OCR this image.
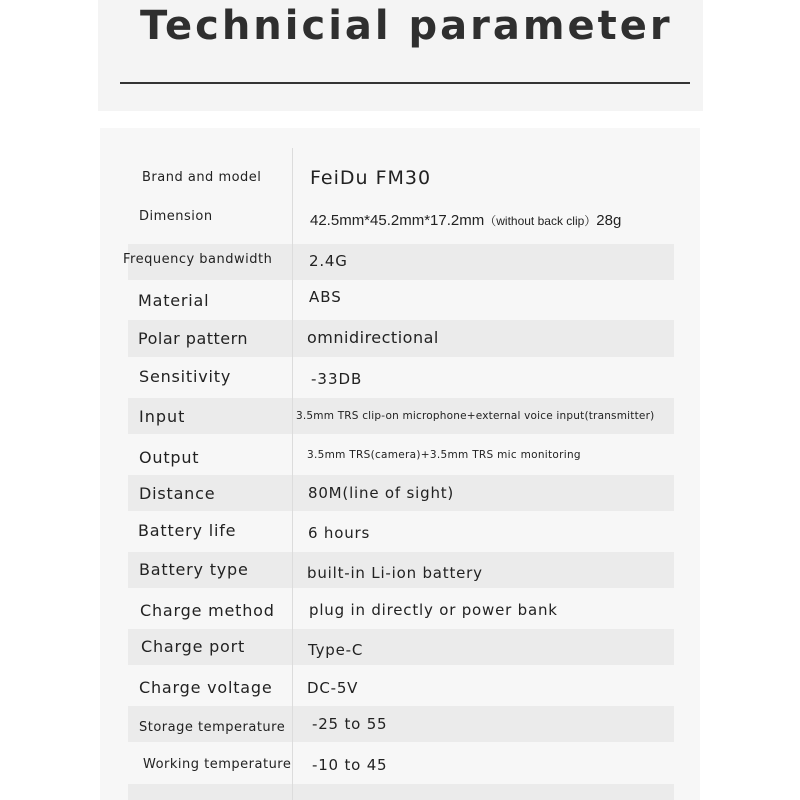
Technicial parameter
Brand and model
Dimension
Frequency bandwidth
Material
Polar pattern
Sensitivity
Input
Output
Distance
Battery life
Battery type
Charge method
Charge port
Charge voltage
Storage temperature
Working temperature
FeiDu FM30
42.5mm*45.2mm*17.2mm（without back clip）28g
2.4G
ABS
omnidirectional
-33DB
3.5mm TRS clip-on microphone+external voice input(transmitter)
3.5mm TRS(camera)+3.5mm TRS mic monitoring
80M(line of sight)
6 hours
built-in Li-ion battery
plug in directly or power bank
Type-C
DC-5V
-25 to 55
-10 to 45
